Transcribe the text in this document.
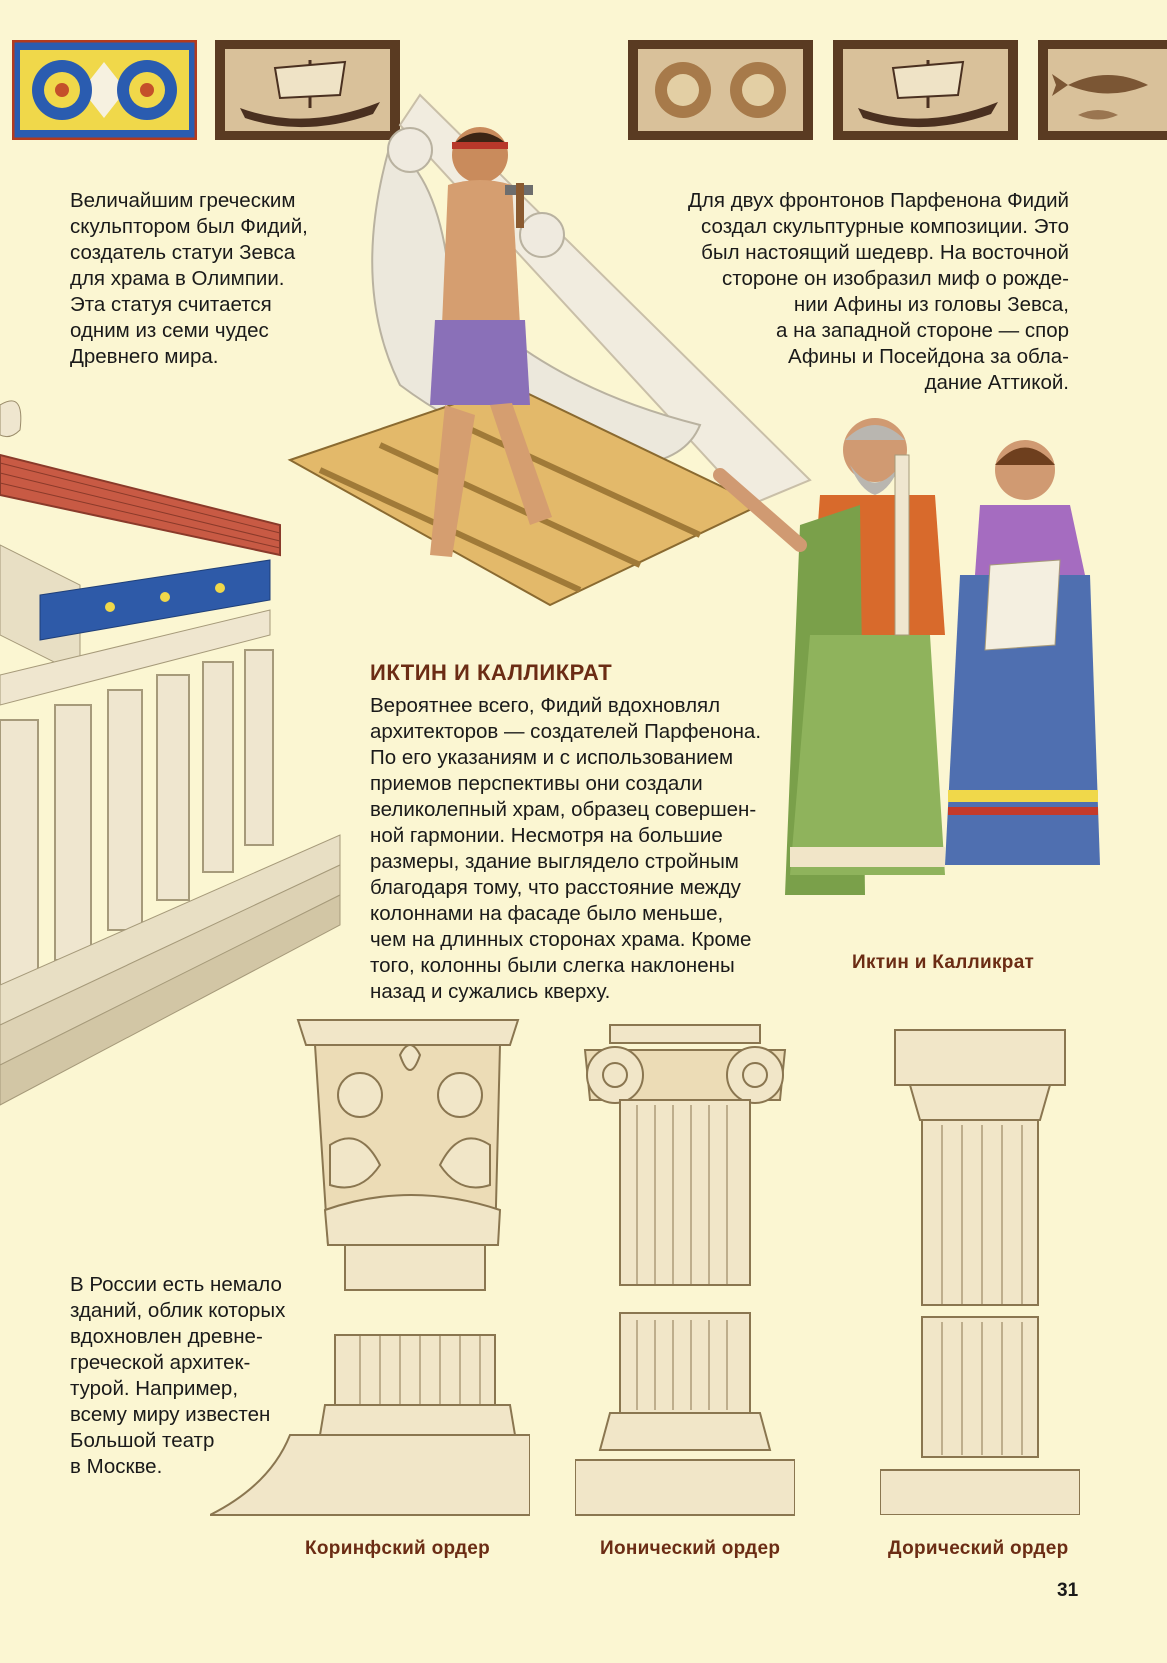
Величайшим греческим
скульптором был Фидий,
создатель статуи Зевса
для храма в Олимпии.
Эта статуя считается
одним из семи чудес
Древнего мира.
Для двух фронтонов Парфенона Фидий
создал скульптурные композиции. Это
был настоящий шедевр. На восточной
стороне он изобразил миф о рожде-
нии Афины из головы Зевса,
а на западной стороне — спор
Афины и Посейдона за обла-
дание Аттикой.
Иктин и Калликрат
ИКТИН И КАЛЛИКРАТ
Вероятнее всего, Фидий вдохновлял
архитекторов — создателей Парфенона.
По его указаниям и с использованием
приемов перспективы они создали
великолепный храм, образец совершен-
ной гармонии. Несмотря на большие
размеры, здание выглядело стройным
благодаря тому, что расстояние между
колоннами на фасаде было меньше,
чем на длинных сторонах храма. Кроме
того, колонны были слегка наклонены
назад и сужались кверху.
В России есть немало
зданий, облик которых
вдохновлен древне-
греческой архитек-
турой. Например,
всему миру известен
Большой театр
в Москве.
Коринфский ордер	Ионический ордер	Дорический ордер
31
